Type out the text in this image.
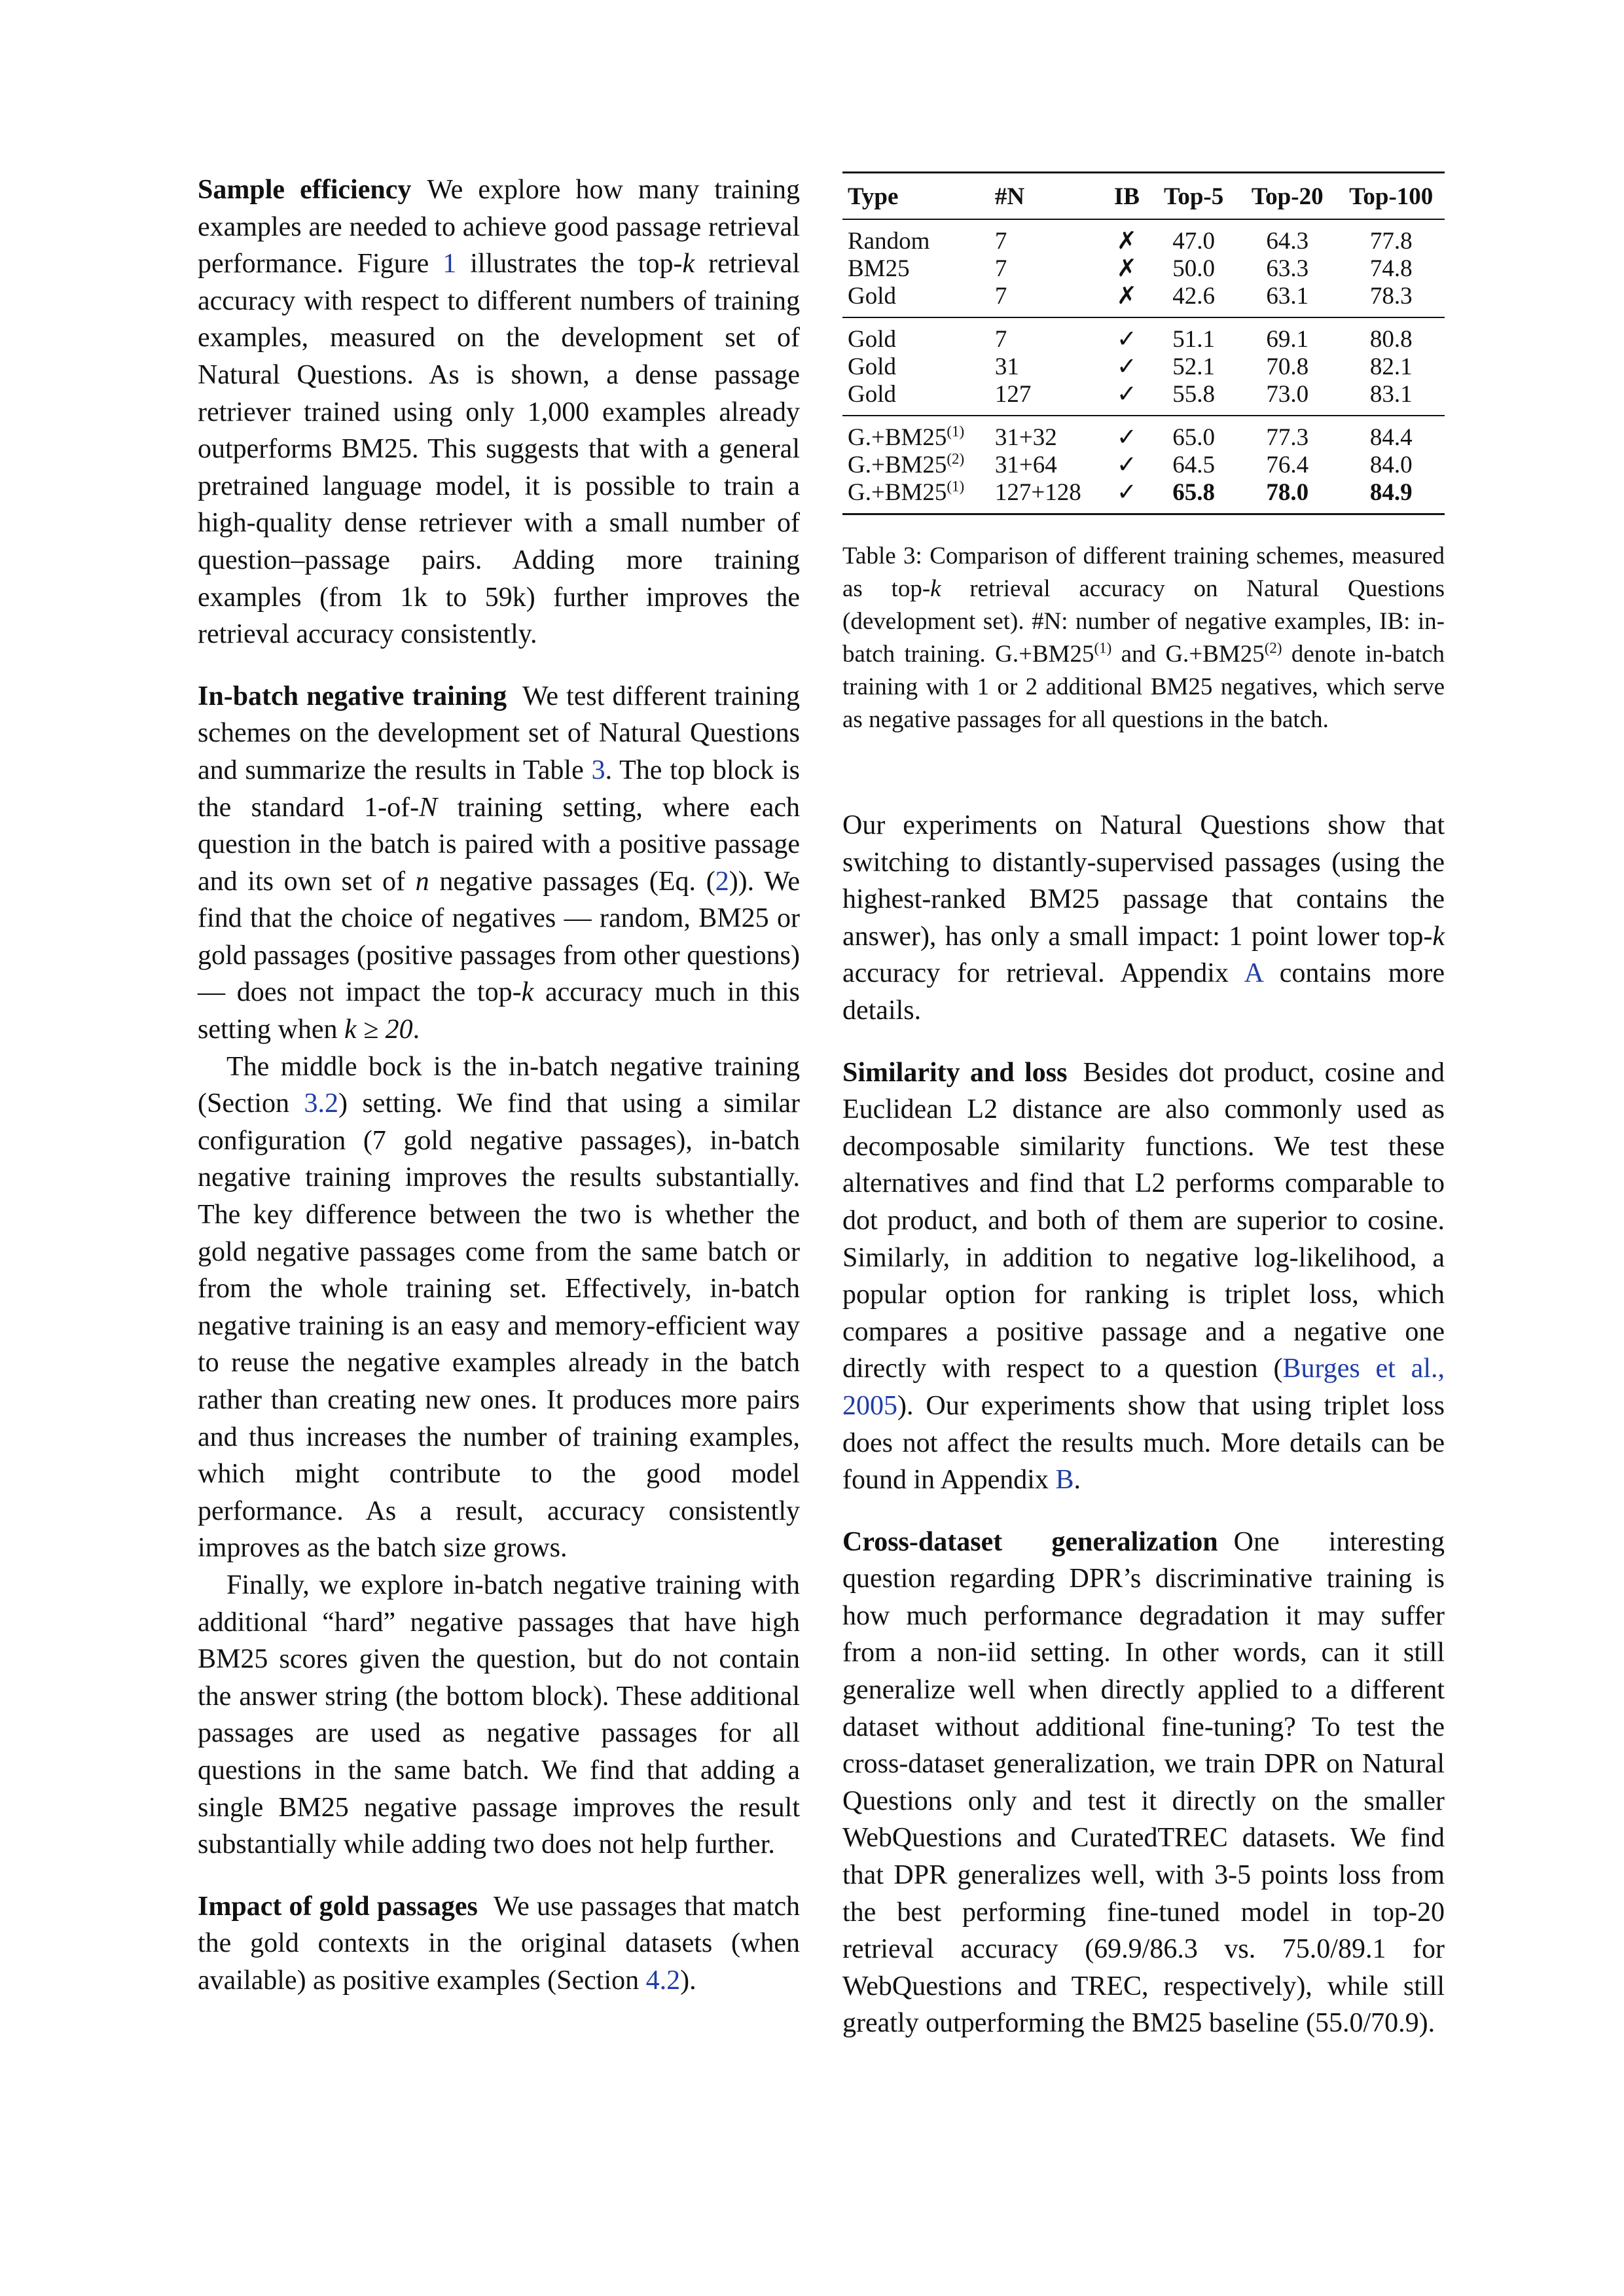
Sample efficiency We explore how many training examples are needed to achieve good passage retrieval performance. Figure 1 illustrates the top-k retrieval accuracy with respect to different numbers of training examples, measured on the development set of Natural Questions. As is shown, a dense passage retriever trained using only 1,000 examples already outperforms BM25. This suggests that with a general pretrained language model, it is possible to train a high-quality dense retriever with a small number of question–passage pairs. Adding more training examples (from 1k to 59k) further improves the retrieval accuracy consistently.

In-batch negative training We test different training schemes on the development set of Natural Questions and summarize the results in Table 3. The top block is the standard 1-of-N training setting, where each question in the batch is paired with a positive passage and its own set of n negative passages (Eq. (2)). We find that the choice of negatives — random, BM25 or gold passages (positive passages from other questions) — does not impact the top-k accuracy much in this setting when k ≥ 20.

The middle bock is the in-batch negative training (Section 3.2) setting. We find that using a similar configuration (7 gold negative passages), in-batch negative training improves the results substantially. The key difference between the two is whether the gold negative passages come from the same batch or from the whole training set. Effectively, in-batch negative training is an easy and memory-efficient way to reuse the negative examples already in the batch rather than creating new ones. It produces more pairs and thus increases the number of training examples, which might contribute to the good model performance. As a result, accuracy consistently improves as the batch size grows.

Finally, we explore in-batch negative training with additional “hard” negative passages that have high BM25 scores given the question, but do not contain the answer string (the bottom block). These additional passages are used as negative passages for all questions in the same batch. We find that adding a single BM25 negative passage improves the result substantially while adding two does not help further.

Impact of gold passages We use passages that match the gold contexts in the original datasets (when available) as positive examples (Section 4.2).

Type	#N	IB	Top-5	Top-20	Top-100
Random	7	✗	47.0	64.3	77.8
BM25	7	✗	50.0	63.3	74.8
Gold	7	✗	42.6	63.1	78.3
Gold	7	✓	51.1	69.1	80.8
Gold	31	✓	52.1	70.8	82.1
Gold	127	✓	55.8	73.0	83.1
$G.+BM25^{(1)}$	31+32	✓	65.0	77.3	84.4
$G.+BM25^{(2)}$	31+64	✓	64.5	76.4	84.0
$G.+BM25^{(1)}$	127+128	✓	65.8	78.0	84.9

Table 3: Comparison of different training schemes, measured as top-k retrieval accuracy on Natural Questions (development set). #N: number of negative examples, IB: in-batch training. $G.+BM25^{(1)}$ and $G.+BM25^{(2)}$ denote in-batch training with 1 or 2 additional BM25 negatives, which serve as negative passages for all questions in the batch.

Our experiments on Natural Questions show that switching to distantly-supervised passages (using the highest-ranked BM25 passage that contains the answer), has only a small impact: 1 point lower top-k accuracy for retrieval. Appendix A contains more details.

Similarity and loss Besides dot product, cosine and Euclidean L2 distance are also commonly used as decomposable similarity functions. We test these alternatives and find that L2 performs comparable to dot product, and both of them are superior to cosine. Similarly, in addition to negative log-likelihood, a popular option for ranking is triplet loss, which compares a positive passage and a negative one directly with respect to a question (Burges et al., 2005). Our experiments show that using triplet loss does not affect the results much. More details can be found in Appendix B.

Cross-dataset generalization One interesting question regarding DPR’s discriminative training is how much performance degradation it may suffer from a non-iid setting. In other words, can it still generalize well when directly applied to a different dataset without additional fine-tuning? To test the cross-dataset generalization, we train DPR on Natural Questions only and test it directly on the smaller WebQuestions and CuratedTREC datasets. We find that DPR generalizes well, with 3-5 points loss from the best performing fine-tuned model in top-20 retrieval accuracy (69.9/86.3 vs. 75.0/89.1 for WebQuestions and TREC, respectively), while still greatly outperforming the BM25 baseline (55.0/70.9).
